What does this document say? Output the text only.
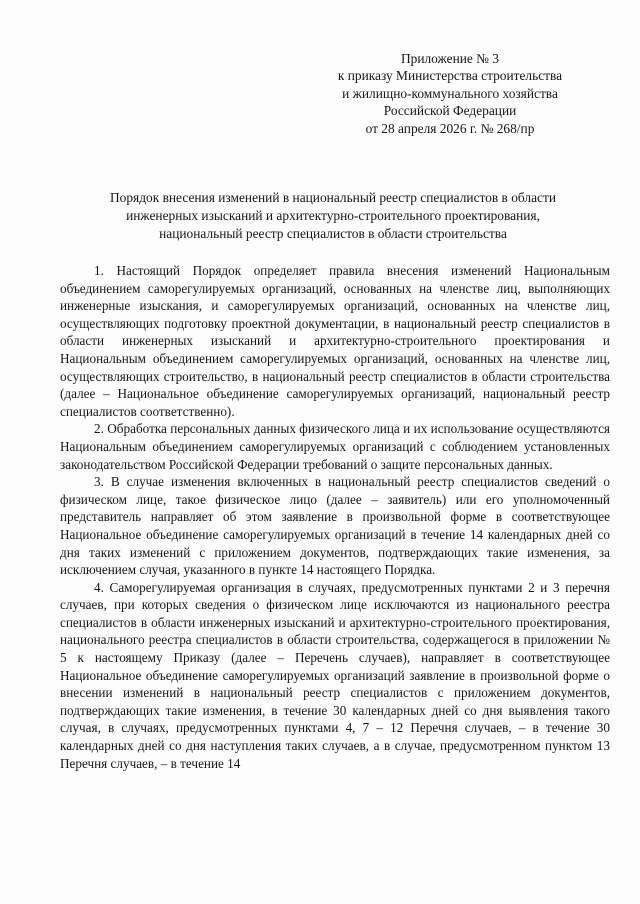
Приложение № 3
к приказу Министерства строительства
и жилищно-коммунального хозяйства
Российской Федерации
от 28 апреля 2026 г. № 268/пр
Порядок внесения изменений в национальный реестр специалистов в области
инженерных изысканий и архитектурно-строительного проектирования,
национальный реестр специалистов в области строительства

1. Настоящий Порядок определяет правила внесения изменений Национальным объединением саморегулируемых организаций, основанных на членстве лиц, выполняющих инженерные изыскания, и саморегулируемых организаций, основанных на членстве лиц, осуществляющих подготовку проектной документации, в национальный реестр специалистов в области инженерных изысканий и архитектурно-строительного проектирования и Национальным объединением саморегулируемых организаций, основанных на членстве лиц, осуществляющих строительство, в национальный реестр специалистов в области строительства (далее – Национальное объединение саморегулируемых организаций, национальный реестр специалистов соответственно).

2. Обработка персональных данных физического лица и их использование осуществляются Национальным объединением саморегулируемых организаций с соблюдением установленных законодательством Российской Федерации требований о защите персональных данных.

3. В случае изменения включенных в национальный реестр специалистов сведений о физическом лице, такое физическое лицо (далее – заявитель) или его уполномоченный представитель направляет об этом заявление в произвольной форме в соответствующее Национальное объединение саморегулируемых организаций в течение 14 календарных дней со дня таких изменений с приложением документов, подтверждающих такие изменения, за исключением случая, указанного в пункте 14 настоящего Порядка.

4. Саморегулируемая организация в случаях, предусмотренных пунктами 2 и 3 перечня случаев, при которых сведения о физическом лице исключаются из национального реестра специалистов в области инженерных изысканий и архитектурно-строительного проектирования, национального реестра специалистов в области строительства, содержащегося в приложении № 5 к настоящему Приказу (далее – Перечень случаев), направляет в соответствующее Национальное объединение саморегулируемых организаций заявление в произвольной форме о внесении изменений в национальный реестр специалистов с приложением документов, подтверждающих такие изменения, в течение 30 календарных дней со дня выявления такого случая, в случаях, предусмотренных пунктами 4, 7 – 12 Перечня случаев, – в течение 30 календарных дней со дня наступления таких случаев, а в случае, предусмотренном пунктом 13 Перечня случаев, – в течение 14
